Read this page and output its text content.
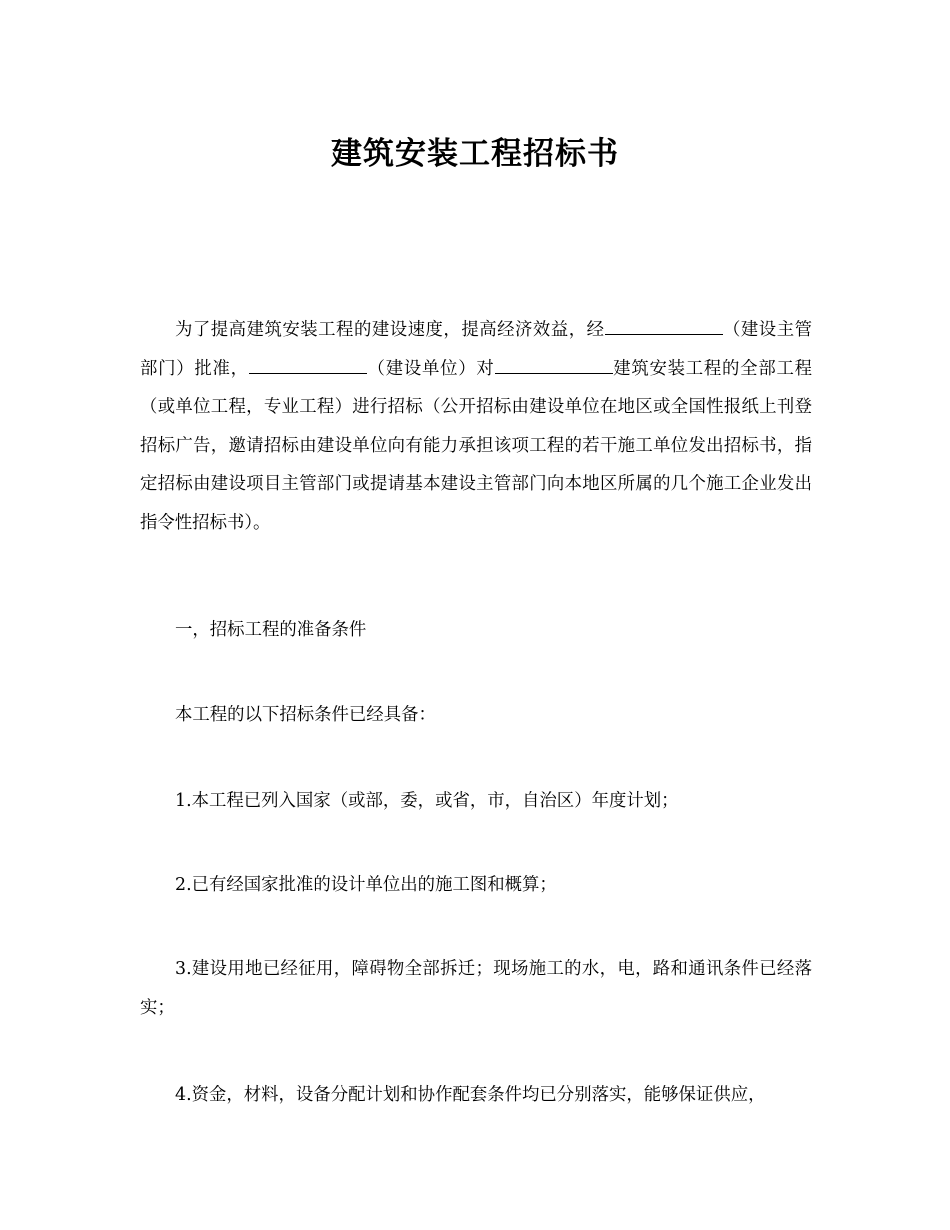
建筑安装工程招标书

为了提高建筑安装工程的建设速度，提高经济效益，经	（建设主管部门）批准，	（建设单位）对	建筑安装工程的全部工程（或单位工程，专业工程）进行招标（公开招标由建设单位在地区或全国性报纸上刊登招标广告，邀请招标由建设单位向有能力承担该项工程的若干施工单位发出招标书，指定招标由建设项目主管部门或提请基本建设主管部门向本地区所属的几个施工企业发出指令性招标书）。

一，招标工程的准备条件

本工程的以下招标条件已经具备：

1.本工程已列入国家（或部，委，或省，市，自治区）年度计划；

2.已有经国家批准的设计单位出的施工图和概算；

3.建设用地已经征用，障碍物全部拆迁；现场施工的水，电，路和通讯条件已经落实；

4.资金，材料，设备分配计划和协作配套条件均已分别落实，能够保证供应，
